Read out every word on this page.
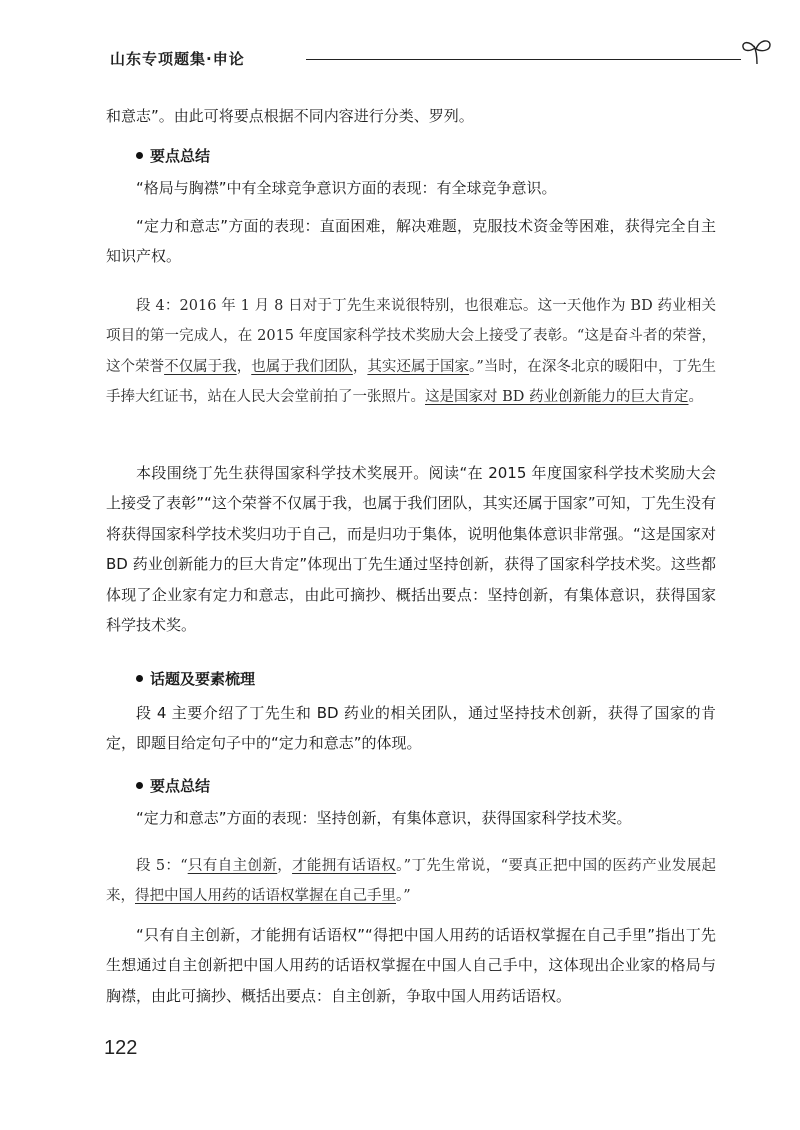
山东专项题集·申论

和意志”。由此可将要点根据不同内容进行分类、罗列。

要点总结

“格局与胸襟”中有全球竞争意识方面的表现：有全球竞争意识。

“定力和意志”方面的表现：直面困难，解决难题，克服技术资金等困难，获得完全自主知识产权。

段 4：2016 年 1 月 8 日对于丁先生来说很特别，也很难忘。这一天他作为 BD 药业相关项目的第一完成人，在 2015 年度国家科学技术奖励大会上接受了表彰。“这是奋斗者的荣誉，这个荣誉不仅属于我，也属于我们团队，其实还属于国家。”当时，在深冬北京的暖阳中，丁先生手捧大红证书，站在人民大会堂前拍了一张照片。这是国家对 BD 药业创新能力的巨大肯定。

本段围绕丁先生获得国家科学技术奖展开。阅读“在 2015 年度国家科学技术奖励大会上接受了表彰”“这个荣誉不仅属于我，也属于我们团队，其实还属于国家”可知，丁先生没有将获得国家科学技术奖归功于自己，而是归功于集体，说明他集体意识非常强。“这是国家对 BD 药业创新能力的巨大肯定”体现出丁先生通过坚持创新，获得了国家科学技术奖。这些都体现了企业家有定力和意志，由此可摘抄、概括出要点：坚持创新，有集体意识，获得国家科学技术奖。

话题及要素梳理

段 4 主要介绍了丁先生和 BD 药业的相关团队，通过坚持技术创新，获得了国家的肯定，即题目给定句子中的“定力和意志”的体现。

要点总结

“定力和意志”方面的表现：坚持创新，有集体意识，获得国家科学技术奖。

段 5：“只有自主创新，才能拥有话语权。”丁先生常说，“要真正把中国的医药产业发展起来，得把中国人用药的话语权掌握在自己手里。”

“只有自主创新，才能拥有话语权”“得把中国人用药的话语权掌握在自己手里”指出丁先生想通过自主创新把中国人用药的话语权掌握在中国人自己手中，这体现出企业家的格局与胸襟，由此可摘抄、概括出要点：自主创新，争取中国人用药话语权。

122
